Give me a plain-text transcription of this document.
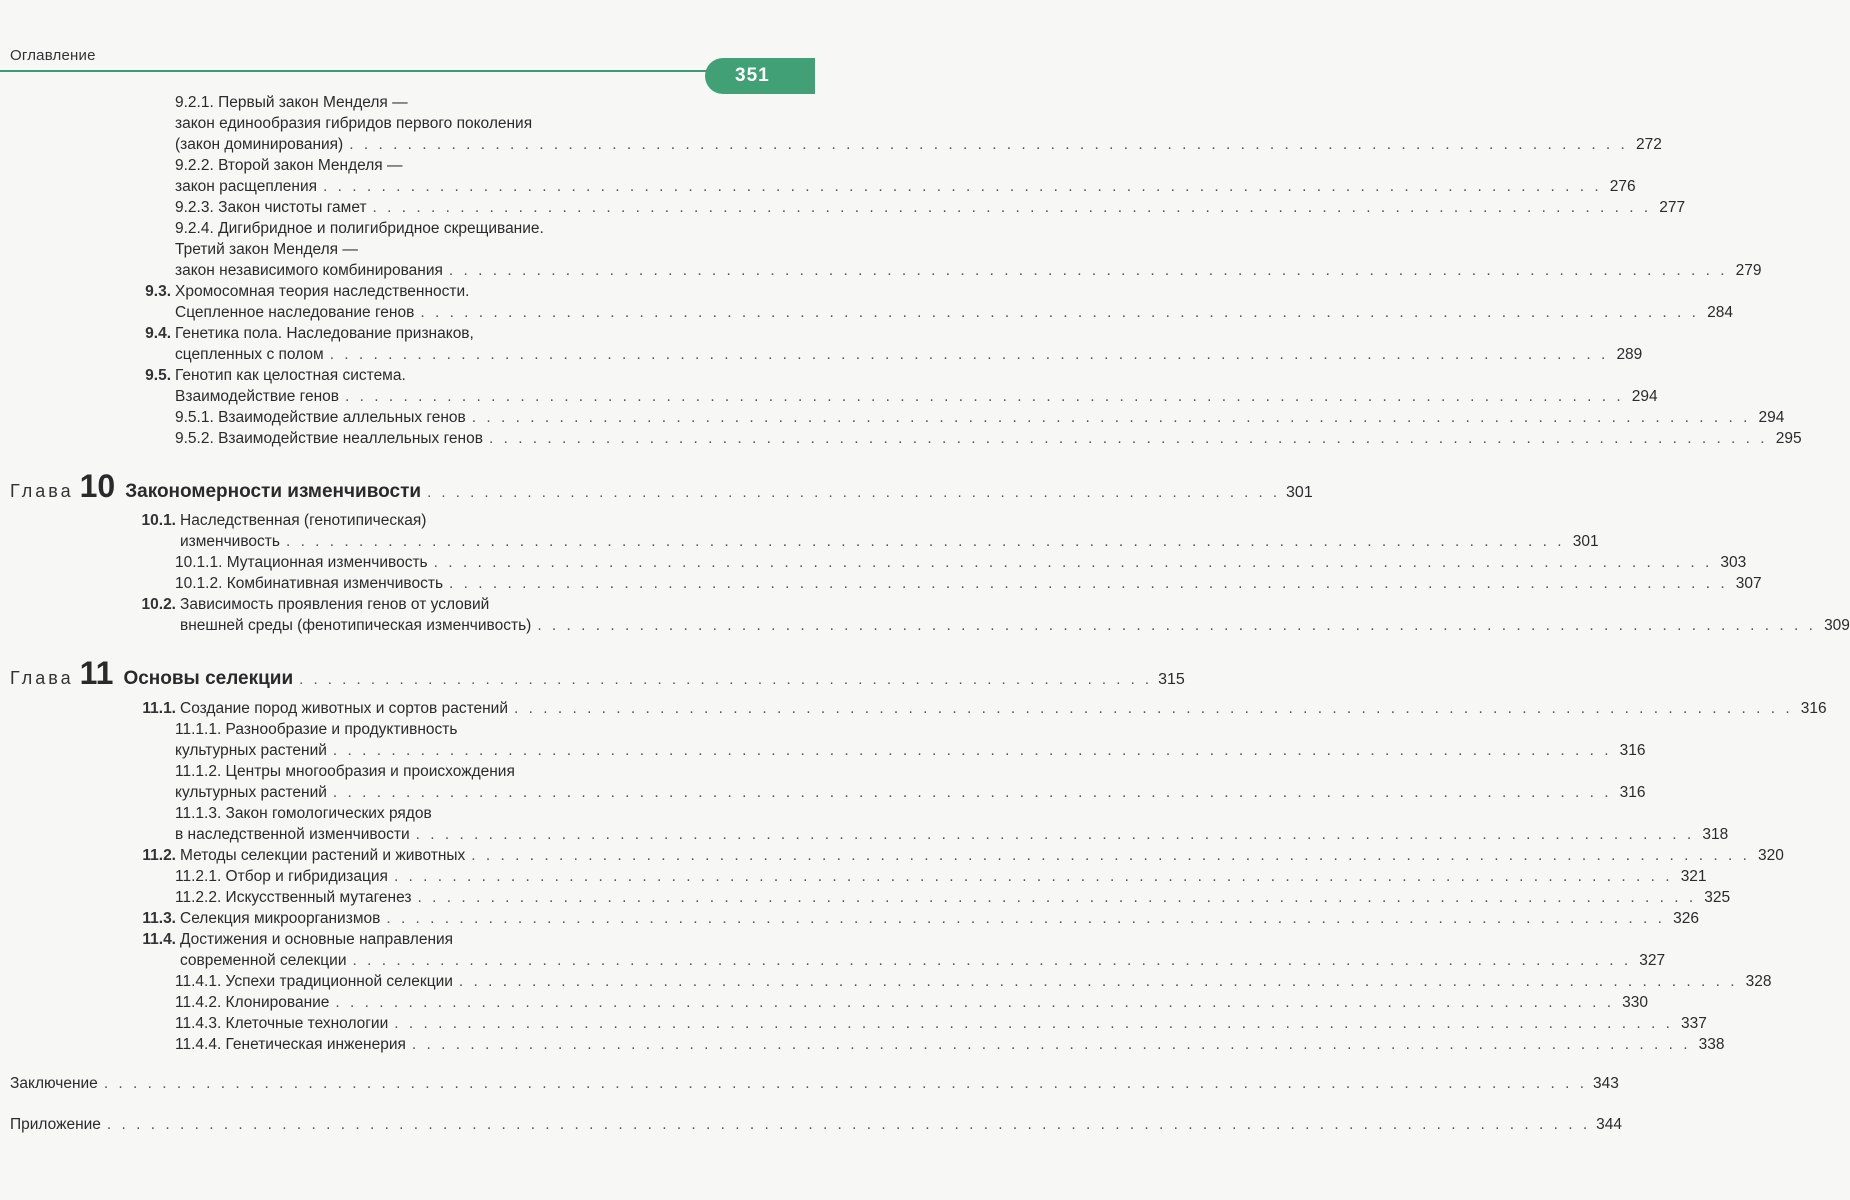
Оглавление
351
9.2.1. Первый закон Менделя —
закон единообразия гибридов первого поколения
(закон доминирования) . . . . . . . . . . . . . . . . . . . . . . . . . . . . . . . . . . . . . . . . . . . . . . . . . . . . . . . . . . . . . . . . . . . . . . . . . . . . . . . . . . . . . . . . 272
9.2.2. Второй закон Менделя —
закон расщепления . . . . . . . . . . . . . . . . . . . . . . . . . . . . . . . . . . . . . . . . . . . . . . . . . . . . . . . . . . . . . . . . . . . . . . . . . . . . . . . . . . . . . . . . 276
9.2.3. Закон чистоты гамет . . . . . . . . . . . . . . . . . . . . . . . . . . . . . . . . . . . . . . . . . . . . . . . . . . . . . . . . . . . . . . . . . . . . . . . . . . . . . . . . . . . . . . . . 277
9.2.4. Дигибридное и полигибридное скрещивание.
Третий закон Менделя —
закон независимого комбинирования . . . . . . . . . . . . . . . . . . . . . . . . . . . . . . . . . . . . . . . . . . . . . . . . . . . . . . . . . . . . . . . . . . . . . . . . . . . . . . . . . . . . . . . . 279
9.3. Хромосомная теория наследственности.
Сцепленное наследование генов . . . . . . . . . . . . . . . . . . . . . . . . . . . . . . . . . . . . . . . . . . . . . . . . . . . . . . . . . . . . . . . . . . . . . . . . . . . . . . . . . . . . . . . . 284
9.4. Генетика пола. Наследование признаков,
сцепленных с полом . . . . . . . . . . . . . . . . . . . . . . . . . . . . . . . . . . . . . . . . . . . . . . . . . . . . . . . . . . . . . . . . . . . . . . . . . . . . . . . . . . . . . . . . 289
9.5. Генотип как целостная система.
Взаимодействие генов . . . . . . . . . . . . . . . . . . . . . . . . . . . . . . . . . . . . . . . . . . . . . . . . . . . . . . . . . . . . . . . . . . . . . . . . . . . . . . . . . . . . . . . . 294
9.5.1. Взаимодействие аллельных генов . . . . . . . . . . . . . . . . . . . . . . . . . . . . . . . . . . . . . . . . . . . . . . . . . . . . . . . . . . . . . . . . . . . . . . . . . . . . . . . . . . . . . . . . 294
9.5.2. Взаимодействие неаллельных генов . . . . . . . . . . . . . . . . . . . . . . . . . . . . . . . . . . . . . . . . . . . . . . . . . . . . . . . . . . . . . . . . . . . . . . . . . . . . . . . . . . . . . . . . 295
Глава 10 Закономерности изменчивости . . . . . . . . . . . . . . . . . . . . . . . . . . . . . . . . . . . . . . . . . . . . . . . . . . . . . . . . . . . . 301
10.1. Наследственная (генотипическая)
изменчивость . . . . . . . . . . . . . . . . . . . . . . . . . . . . . . . . . . . . . . . . . . . . . . . . . . . . . . . . . . . . . . . . . . . . . . . . . . . . . . . . . . . . . . . . 301
10.1.1. Мутационная изменчивость . . . . . . . . . . . . . . . . . . . . . . . . . . . . . . . . . . . . . . . . . . . . . . . . . . . . . . . . . . . . . . . . . . . . . . . . . . . . . . . . . . . . . . . . 303
10.1.2. Комбинативная изменчивость . . . . . . . . . . . . . . . . . . . . . . . . . . . . . . . . . . . . . . . . . . . . . . . . . . . . . . . . . . . . . . . . . . . . . . . . . . . . . . . . . . . . . . . . 307
10.2. Зависимость проявления генов от условий
внешней среды (фенотипическая изменчивость) . . . . . . . . . . . . . . . . . . . . . . . . . . . . . . . . . . . . . . . . . . . . . . . . . . . . . . . . . . . . . . . . . . . . . . . . . . . . . . . . . . . . . . . . 309
Глава 11 Основы селекции . . . . . . . . . . . . . . . . . . . . . . . . . . . . . . . . . . . . . . . . . . . . . . . . . . . . . . . . . . . . 315
11.1. Создание пород животных и сортов растений . . . . . . . . . . . . . . . . . . . . . . . . . . . . . . . . . . . . . . . . . . . . . . . . . . . . . . . . . . . . . . . . . . . . . . . . . . . . . . . . . . . . . . . . 316
11.1.1. Разнообразие и продуктивность
культурных растений . . . . . . . . . . . . . . . . . . . . . . . . . . . . . . . . . . . . . . . . . . . . . . . . . . . . . . . . . . . . . . . . . . . . . . . . . . . . . . . . . . . . . . . . 316
11.1.2. Центры многообразия и происхождения
культурных растений . . . . . . . . . . . . . . . . . . . . . . . . . . . . . . . . . . . . . . . . . . . . . . . . . . . . . . . . . . . . . . . . . . . . . . . . . . . . . . . . . . . . . . . . 316
11.1.3. Закон гомологических рядов
в наследственной изменчивости . . . . . . . . . . . . . . . . . . . . . . . . . . . . . . . . . . . . . . . . . . . . . . . . . . . . . . . . . . . . . . . . . . . . . . . . . . . . . . . . . . . . . . . . 318
11.2. Методы селекции растений и животных . . . . . . . . . . . . . . . . . . . . . . . . . . . . . . . . . . . . . . . . . . . . . . . . . . . . . . . . . . . . . . . . . . . . . . . . . . . . . . . . . . . . . . . . 320
11.2.1. Отбор и гибридизация . . . . . . . . . . . . . . . . . . . . . . . . . . . . . . . . . . . . . . . . . . . . . . . . . . . . . . . . . . . . . . . . . . . . . . . . . . . . . . . . . . . . . . . . 321
11.2.2. Искусственный мутагенез . . . . . . . . . . . . . . . . . . . . . . . . . . . . . . . . . . . . . . . . . . . . . . . . . . . . . . . . . . . . . . . . . . . . . . . . . . . . . . . . . . . . . . . . 325
11.3. Селекция микроорганизмов . . . . . . . . . . . . . . . . . . . . . . . . . . . . . . . . . . . . . . . . . . . . . . . . . . . . . . . . . . . . . . . . . . . . . . . . . . . . . . . . . . . . . . . . 326
11.4. Достижения и основные направления
современной селекции . . . . . . . . . . . . . . . . . . . . . . . . . . . . . . . . . . . . . . . . . . . . . . . . . . . . . . . . . . . . . . . . . . . . . . . . . . . . . . . . . . . . . . . . 327
11.4.1. Успехи традиционной селекции . . . . . . . . . . . . . . . . . . . . . . . . . . . . . . . . . . . . . . . . . . . . . . . . . . . . . . . . . . . . . . . . . . . . . . . . . . . . . . . . . . . . . . . . 328
11.4.2. Клонирование . . . . . . . . . . . . . . . . . . . . . . . . . . . . . . . . . . . . . . . . . . . . . . . . . . . . . . . . . . . . . . . . . . . . . . . . . . . . . . . . . . . . . . . . 330
11.4.3. Клеточные технологии . . . . . . . . . . . . . . . . . . . . . . . . . . . . . . . . . . . . . . . . . . . . . . . . . . . . . . . . . . . . . . . . . . . . . . . . . . . . . . . . . . . . . . . . 337
11.4.4. Генетическая инженерия . . . . . . . . . . . . . . . . . . . . . . . . . . . . . . . . . . . . . . . . . . . . . . . . . . . . . . . . . . . . . . . . . . . . . . . . . . . . . . . . . . . . . . . . 338
Заключение . . . . . . . . . . . . . . . . . . . . . . . . . . . . . . . . . . . . . . . . . . . . . . . . . . . . . . . . . . . . . . . . . . . . . . . . . . . . . . . . . . . . . . . . . . . . . . . . . . . . . . 343
Приложение . . . . . . . . . . . . . . . . . . . . . . . . . . . . . . . . . . . . . . . . . . . . . . . . . . . . . . . . . . . . . . . . . . . . . . . . . . . . . . . . . . . . . . . . . . . . . . . . . . . . . . 344
